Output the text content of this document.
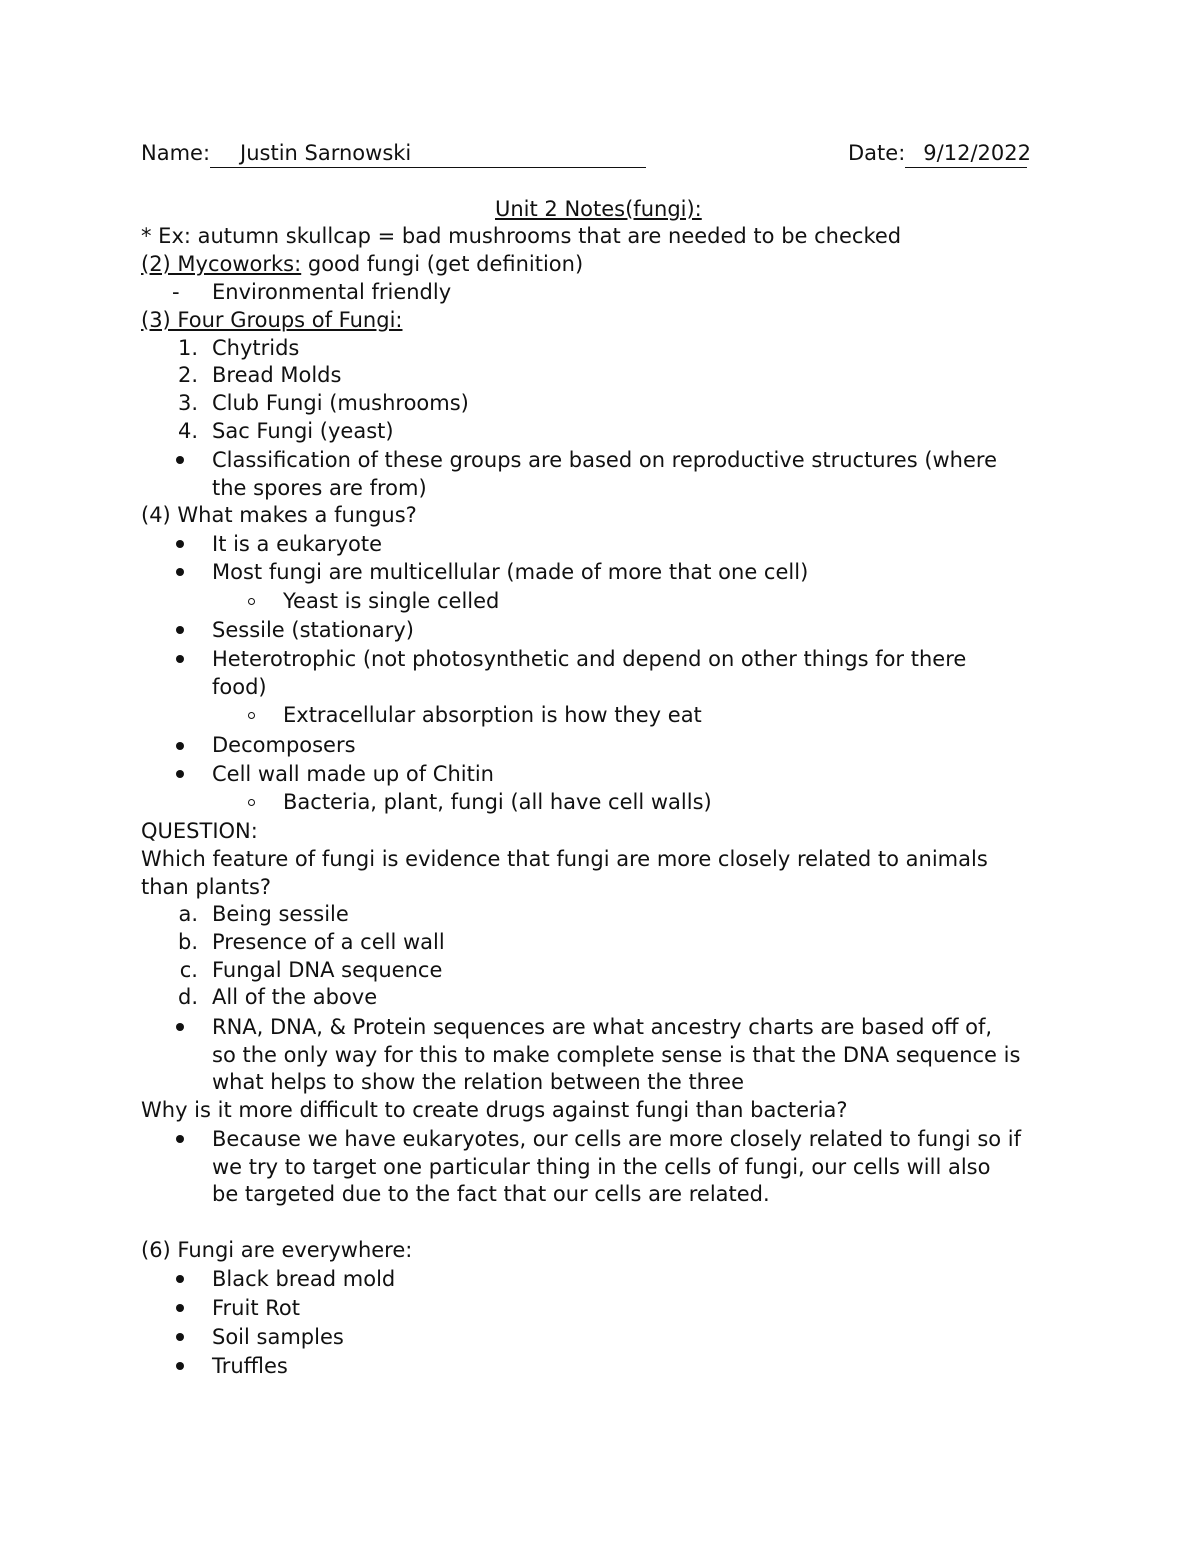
Name: Justin Sarnowski	Date: 9/12/2022
Unit 2 Notes(fungi):
* Ex: autumn skullcap = bad mushrooms that are needed to be checked
(2) Mycoworks: good fungi (get definition)
-	Environmental friendly
(3) Four Groups of Fungi:
1. Chytrids
2. Bread Molds
3. Club Fungi (mushrooms)
4. Sac Fungi (yeast)
Classification of these groups are based on reproductive structures (where
the spores are from)
(4) What makes a fungus?
It is a eukaryote
Most fungi are multicellular (made of more that one cell)
Yeast is single celled
Sessile (stationary)
Heterotrophic (not photosynthetic and depend on other things for there
food)
Extracellular absorption is how they eat
Decomposers
Cell wall made up of Chitin
Bacteria, plant, fungi (all have cell walls)
QUESTION:
Which feature of fungi is evidence that fungi are more closely related to animals
than plants?
a. Being sessile
b. Presence of a cell wall
c. Fungal DNA sequence
d. All of the above
RNA, DNA, & Protein sequences are what ancestry charts are based off of,
so the only way for this to make complete sense is that the DNA sequence is
what helps to show the relation between the three
Why is it more difficult to create drugs against fungi than bacteria?
Because we have eukaryotes, our cells are more closely related to fungi so if
we try to target one particular thing in the cells of fungi, our cells will also
be targeted due to the fact that our cells are related.
(6) Fungi are everywhere:
Black bread mold
Fruit Rot
Soil samples
Truffles
